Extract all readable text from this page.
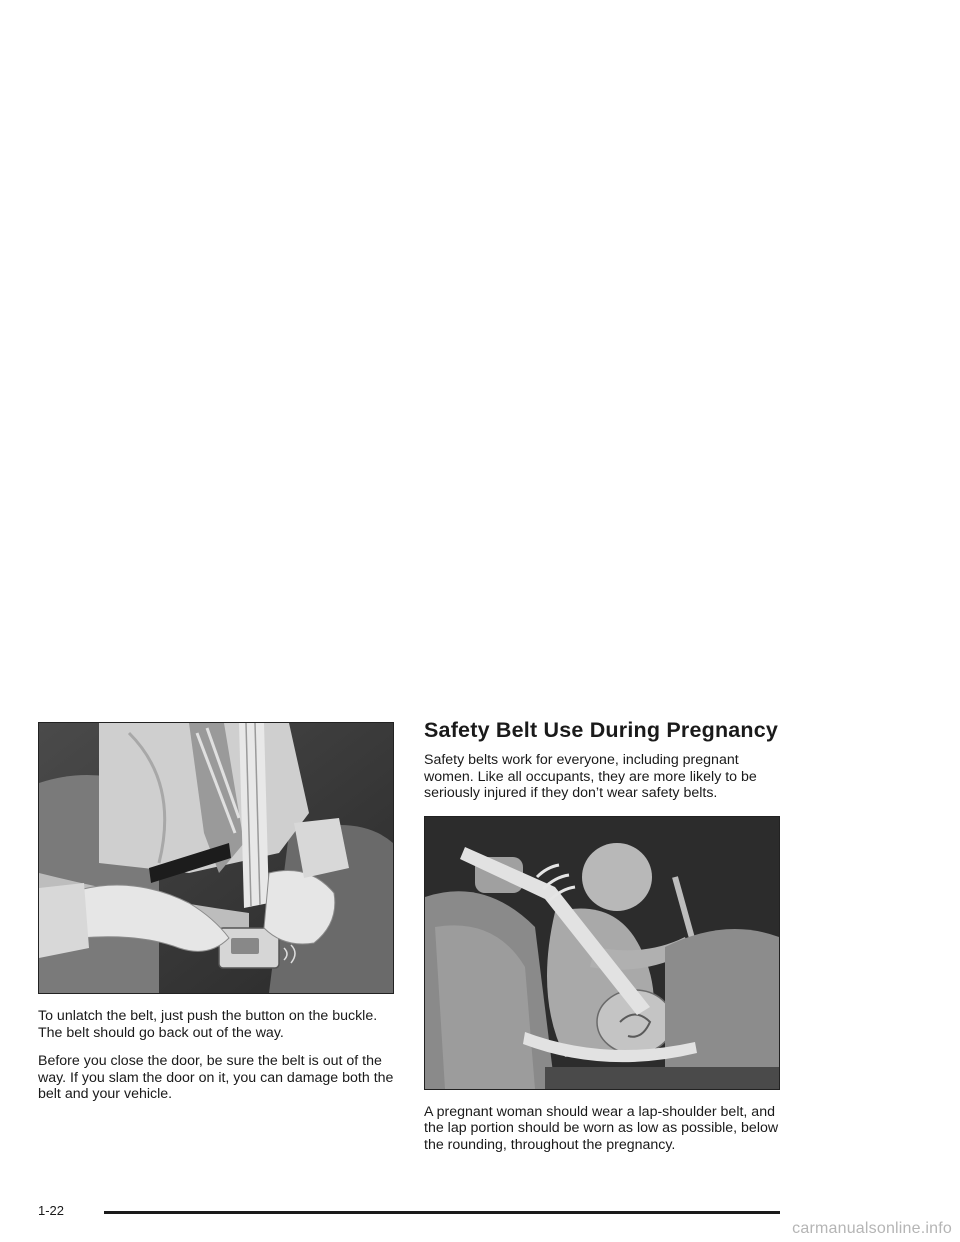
To unlatch the belt, just push the button on the buckle. The belt should go back out of the way.

Before you close the door, be sure the belt is out of the way. If you slam the door on it, you can damage both the belt and your vehicle.

Safety Belt Use During Pregnancy

Safety belts work for everyone, including pregnant women. Like all occupants, they are more likely to be seriously injured if they don’t wear safety belts.

A pregnant woman should wear a lap-shoulder belt, and the lap portion should be worn as low as possible, below the rounding, throughout the pregnancy.

1-22
carmanualsonline.info
